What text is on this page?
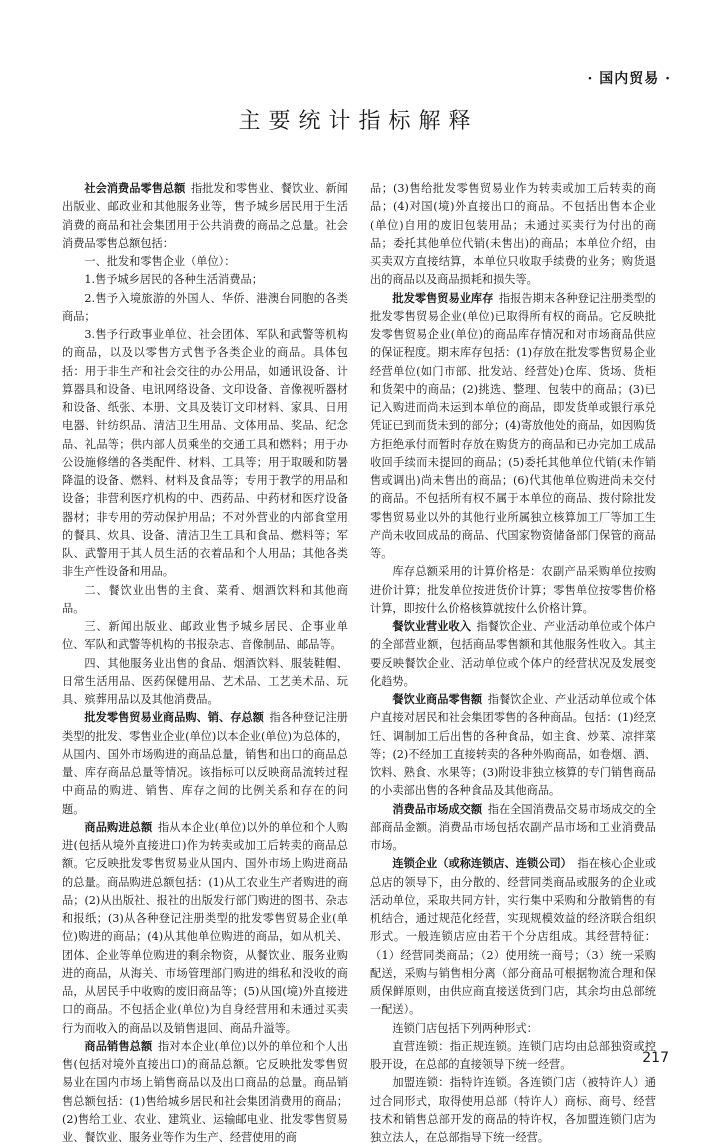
· 国内贸易 ·
主要统计指标解释

社会消费品零售总额 指批发和零售业、餐饮业、新闻出版业、邮政业和其他服务业等，售予城乡居民用于生活消费的商品和社会集团用于公共消费的商品之总量。社会消费品零售总额包括：

一、批发和零售企业（单位）：

1.售予城乡居民的各种生活消费品；

2.售予入境旅游的外国人、华侨、港澳台同胞的各类商品；

3.售予行政事业单位、社会团体、军队和武警等机构的商品，以及以零售方式售予各类企业的商品。具体包括：用于非生产和社会交往的办公用品，如通讯设备、计算器具和设备、电讯网络设备、文印设备、音像视听器材和设备、纸张、本册、文具及装订文印材料、家具、日用电器、针纺织品、清洁卫生用品、文体用品、奖品、纪念品、礼品等；供内部人员乘坐的交通工具和燃料；用于办公设施修缮的各类配件、材料、工具等；用于取暖和防暑降温的设备、燃料、材料及食品等；专用于教学的用品和设备；非营利医疗机构的中、西药品、中药材和医疗设备器材；非专用的劳动保护用品；不对外营业的内部食堂用的餐具、炊具、设备、清洁卫生工具和食品、燃料等；军队、武警用于其人员生活的衣着品和个人用品；其他各类非生产性设备和用品。

二、餐饮业出售的主食、菜肴、烟酒饮料和其他商品。

三、新闻出版业、邮政业售予城乡居民、企事业单位、军队和武警等机构的书报杂志、音像制品、邮品等。

四、其他服务业出售的食品、烟酒饮料、服装鞋帽、日常生活用品、医药保健用品、艺术品、工艺美术品、玩具、殡葬用品以及其他消费品。

批发零售贸易业商品购、销、存总额 指各种登记注册类型的批发、零售业企业(单位)以本企业(单位)为总体的，从国内、国外市场购进的商品总量，销售和出口的商品总量、库存商品总量等情况。该指标可以反映商品流转过程中商品的购进、销售、库存之间的比例关系和存在的问题。

商品购进总额 指从本企业(单位)以外的单位和个人购进(包括从境外直接进口)作为转卖或加工后转卖的商品总额。它反映批发零售贸易业从国内、国外市场上购进商品的总量。商品购进总额包括：(1)从工农业生产者购进的商品；(2)从出版社、报社的出版发行部门购进的图书、杂志和报纸；(3)从各种登记注册类型的批发零售贸易企业(单位)购进的商品；(4)从其他单位购进的商品，如从机关、团体、企业等单位购进的剩余物资，从餐饮业、服务业购进的商品，从海关、市场管理部门购进的缉私和没收的商品，从居民手中收购的废旧商品等；(5)从国(境)外直接进口的商品。不包括企业(单位)为自身经营用和未通过买卖行为而收入的商品以及销售退回、商品升溢等。

商品销售总额 指对本企业(单位)以外的单位和个人出售(包括对境外直接出口)的商品总额。它反映批发零售贸易业在国内市场上销售商品以及出口商品的总量。商品销售总额包括：(1)售给城乡居民和社会集团消费用的商品；(2)售给工业、农业、建筑业、运输邮电业、批发零售贸易业、餐饮业、服务业等作为生产、经营使用的商

品；(3)售给批发零售贸易业作为转卖或加工后转卖的商品；(4)对国(境)外直接出口的商品。不包括出售本企业(单位)自用的废旧包装用品；未通过买卖行为付出的商品；委托其他单位代销(未售出)的商品；本单位介绍，由买卖双方直接结算，本单位只收取手续费的业务；购货退出的商品以及商品损耗和损失等。

批发零售贸易业库存 指报告期末各种登记注册类型的批发零售贸易企业(单位)已取得所有权的商品。它反映批发零售贸易企业(单位)的商品库存情况和对市场商品供应的保证程度。期末库存包括：(1)存放在批发零售贸易企业经营单位(如门市部、批发站、经营处)仓库、货场、货柜和货架中的商品；(2)挑选、整理、包装中的商品；(3)已记入购进而尚未运到本单位的商品，即发货单或银行承兑凭证已到而货未到的部分；(4)寄放他处的商品，如因购货方拒绝承付而暂时存放在购货方的商品和已办完加工成品收回手续而未提回的商品；(5)委托其他单位代销(未作销售或调出)尚未售出的商品；(6)代其他单位购进尚未交付的商品。不包括所有权不属于本单位的商品、拨付除批发零售贸易业以外的其他行业所属独立核算加工厂等加工生产尚未收回成品的商品、代国家物资储备部门保管的商品等。

库存总额采用的计算价格是：农副产品采购单位按购进价计算；批发单位按进货价计算；零售单位按零售价格计算，即按什么价格核算就按什么价格计算。

餐饮业营业收入 指餐饮企业、产业活动单位或个体户的全部营业额，包括商品零售额和其他服务性收入。其主要反映餐饮企业、活动单位或个体户的经营状况及发展变化趋势。

餐饮业商品零售额 指餐饮企业、产业活动单位或个体户直接对居民和社会集团零售的各种商品。包括：(1)经烹饪、调制加工后出售的各种食品，如主食、炒菜、凉拌菜等；(2)不经加工直接转卖的各种外购商品，如卷烟、酒、饮料、熟食、水果等；(3)附设非独立核算的专门销售商品的小卖部出售的各种食品及其他商品。

消费品市场成交额 指在全国消费品交易市场成交的全部商品金额。消费品市场包括农副产品市场和工业消费品市场。

连锁企业（或称连锁店、连锁公司） 指在核心企业或总店的领导下，由分散的、经营同类商品或服务的企业或活动单位，采取共同方针，实行集中采购和分散销售的有机结合，通过规范化经营，实现规模效益的经济联合组织形式。一般连锁店应由若干个分店组成。其经营特征：（1）经营同类商品；（2）使用统一商号；（3）统一采购配送，采购与销售相分离（部分商品可根据物流合理和保质保鲜原则，由供应商直接送货到门店，其余均由总部统一配送）。

连锁门店包括下列两种形式：

直营连锁：指正规连锁。连锁门店均由总部独资或控股开设，在总部的直接领导下统一经营。

加盟连锁：指特许连锁。各连锁门店（被特许人）通过合同形式，取得使用总部（特许人）商标、商号、经营技术和销售总部开发的商品的特许权，各加盟连锁门店为独立法人，在总部指导下统一经营。

217
